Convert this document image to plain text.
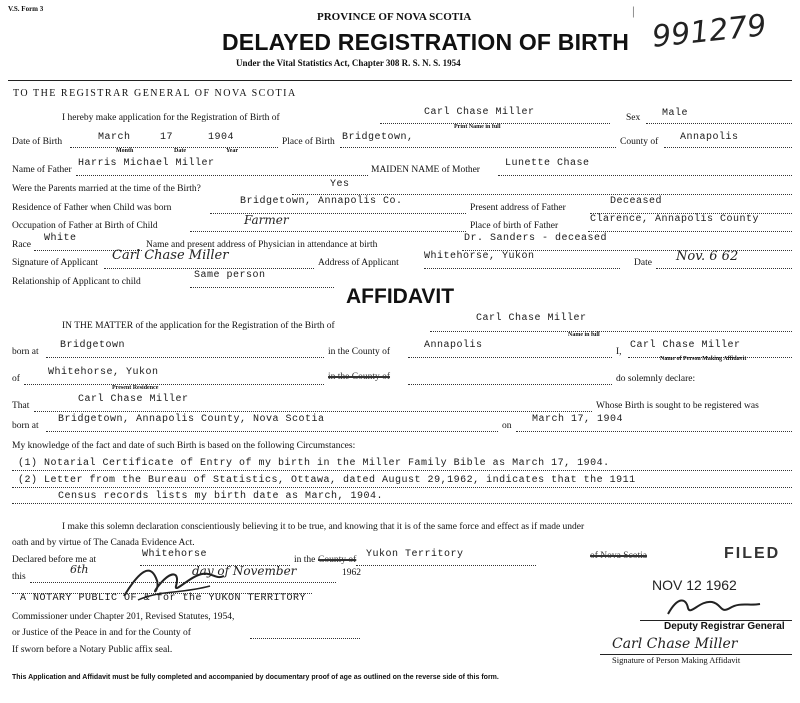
V.S. Form 3
PROVINCE OF NOVA SCOTIA
DELAYED REGISTRATION OF BIRTH
Under the Vital Statistics Act, Chapter 308 R. S. N. S. 1954
991279
|
TO THE REGISTRAR GENERAL OF NOVA SCOTIA
I hereby make application for the Registration of Birth of	Carl Chase Miller
Print Name in full
Sex Male
Date of Birth	March	17	1904
Month	Date	Year
Place of Birth Bridgetown,	County of Annapolis
Name of Father
Harris Michael Miller
MAIDEN NAME of Mother
Lunette Chase
Were the Parents married at the time of the Birth?	Yes
Residence of Father when Child was born
Bridgetown, Annapolis Co.
Present address of Father
Deceased
Occupation of Father at Birth of Child	Farmer	Place of birth of Father
Clarence, Annapolis County
Race
White
Name and present address of Physician in attendance at birth
Dr. Sanders - deceased
Signature of Applicant Carl Chase Miller	Address of Applicant
Whitehorse, Yukon
Date Nov. 6 62
Relationship of Applicant to child
Same person
AFFIDAVIT
IN THE MATTER of the application for the Registration of the Birth of
Carl Chase Miller
Name in full
born at
Bridgetown
in the County of
Annapolis
I,
Carl Chase Miller
Name of Person Making Affidavit
of
Whitehorse, Yukon
Present Residence
in the County of	do solemnly declare:
That
Carl Chase Miller
Whose Birth is sought to be registered was
born at
Bridgetown, Annapolis County, Nova Scotia
on
March 17, 1904
My knowledge of the fact and date of such Birth is based on the following Circumstances:
(1) Notarial Certificate of Entry of my birth in the Miller Family Bible as March 17, 1904.
(2) Letter from the Bureau of Statistics, Ottawa, dated August 29,1962, indicates that the 1911
Census records lists my birth date as March, 1904.
I make this solemn declaration conscientiously believing it to be true, and knowing that it is of the same force and effect as if made under
oath and by virtue of The Canada Evidence Act.
Declared before me at	Whitehorse	in the County of Yukon Territory	of Nova Scotia	FILED
this
6th	day of November	1962
NOV 12 1962
A NOTARY PUBLIC OF & for the YUKON TERRITORY
Commissioner under Chapter 201, Revised Statutes, 1954,
or Justice of the Peace in and for the County of
If sworn before a Notary Public affix seal.
Deputy Registrar General
Carl Chase Miller
Signature of Person Making Affidavit
This Application and Affidavit must be fully completed and accompanied by documentary proof of age as outlined on the reverse side of this form.
